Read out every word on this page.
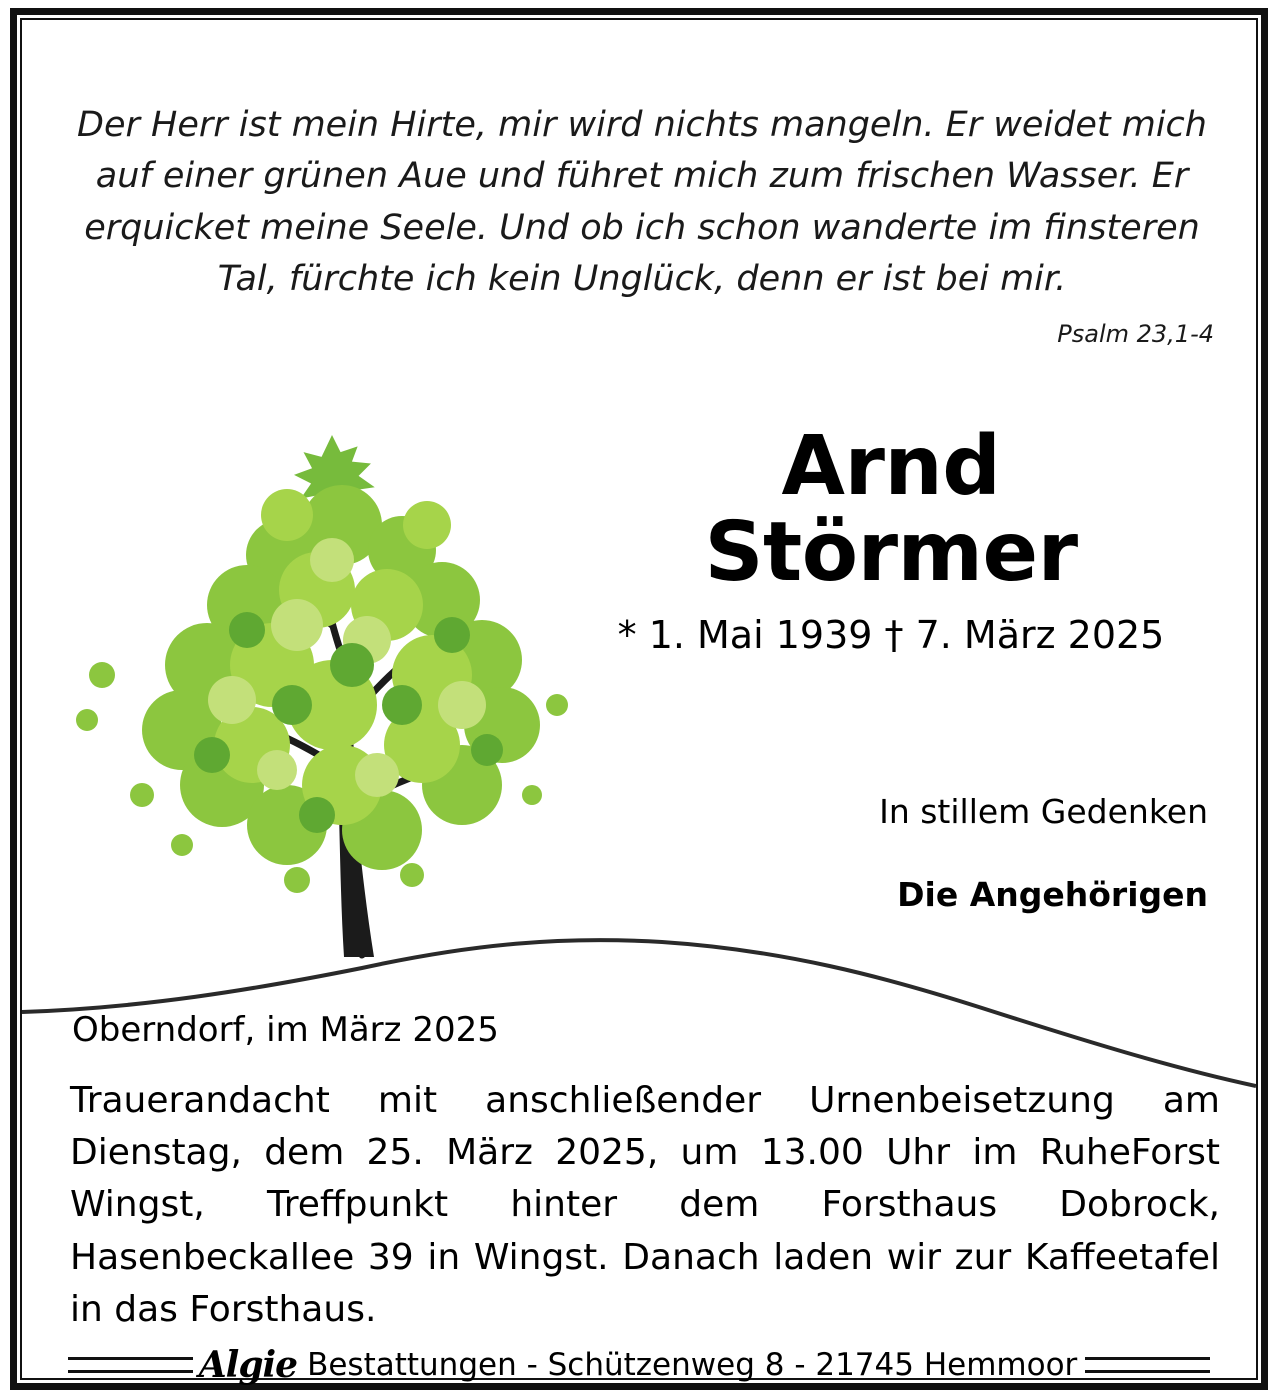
Der Herr ist mein Hirte, mir wird nichts mangeln. Er weidet mich auf einer grünen Aue und führet mich zum frischen Wasser. Er erquicket meine Seele. Und ob ich schon wanderte im finsteren Tal, fürchte ich kein Unglück, denn er ist bei mir.
Psalm 23,1-4
Arnd
Störmer
* 1. Mai 1939 † 7. März 2025
In stillem Gedenken
Die Angehörigen
Oberndorf, im März 2025
Trauerandacht mit anschließender Urnenbeisetzung am Dienstag, dem 25. März 2025, um 13.00 Uhr im RuheForst Wingst, Treffpunkt hinter dem Forsthaus Dobrock, Hasenbeckallee 39 in Wingst. Danach laden wir zur Kaffeetafel in das Forsthaus.
Algie Bestattungen - Schützenweg 8 - 21745 Hemmoor
